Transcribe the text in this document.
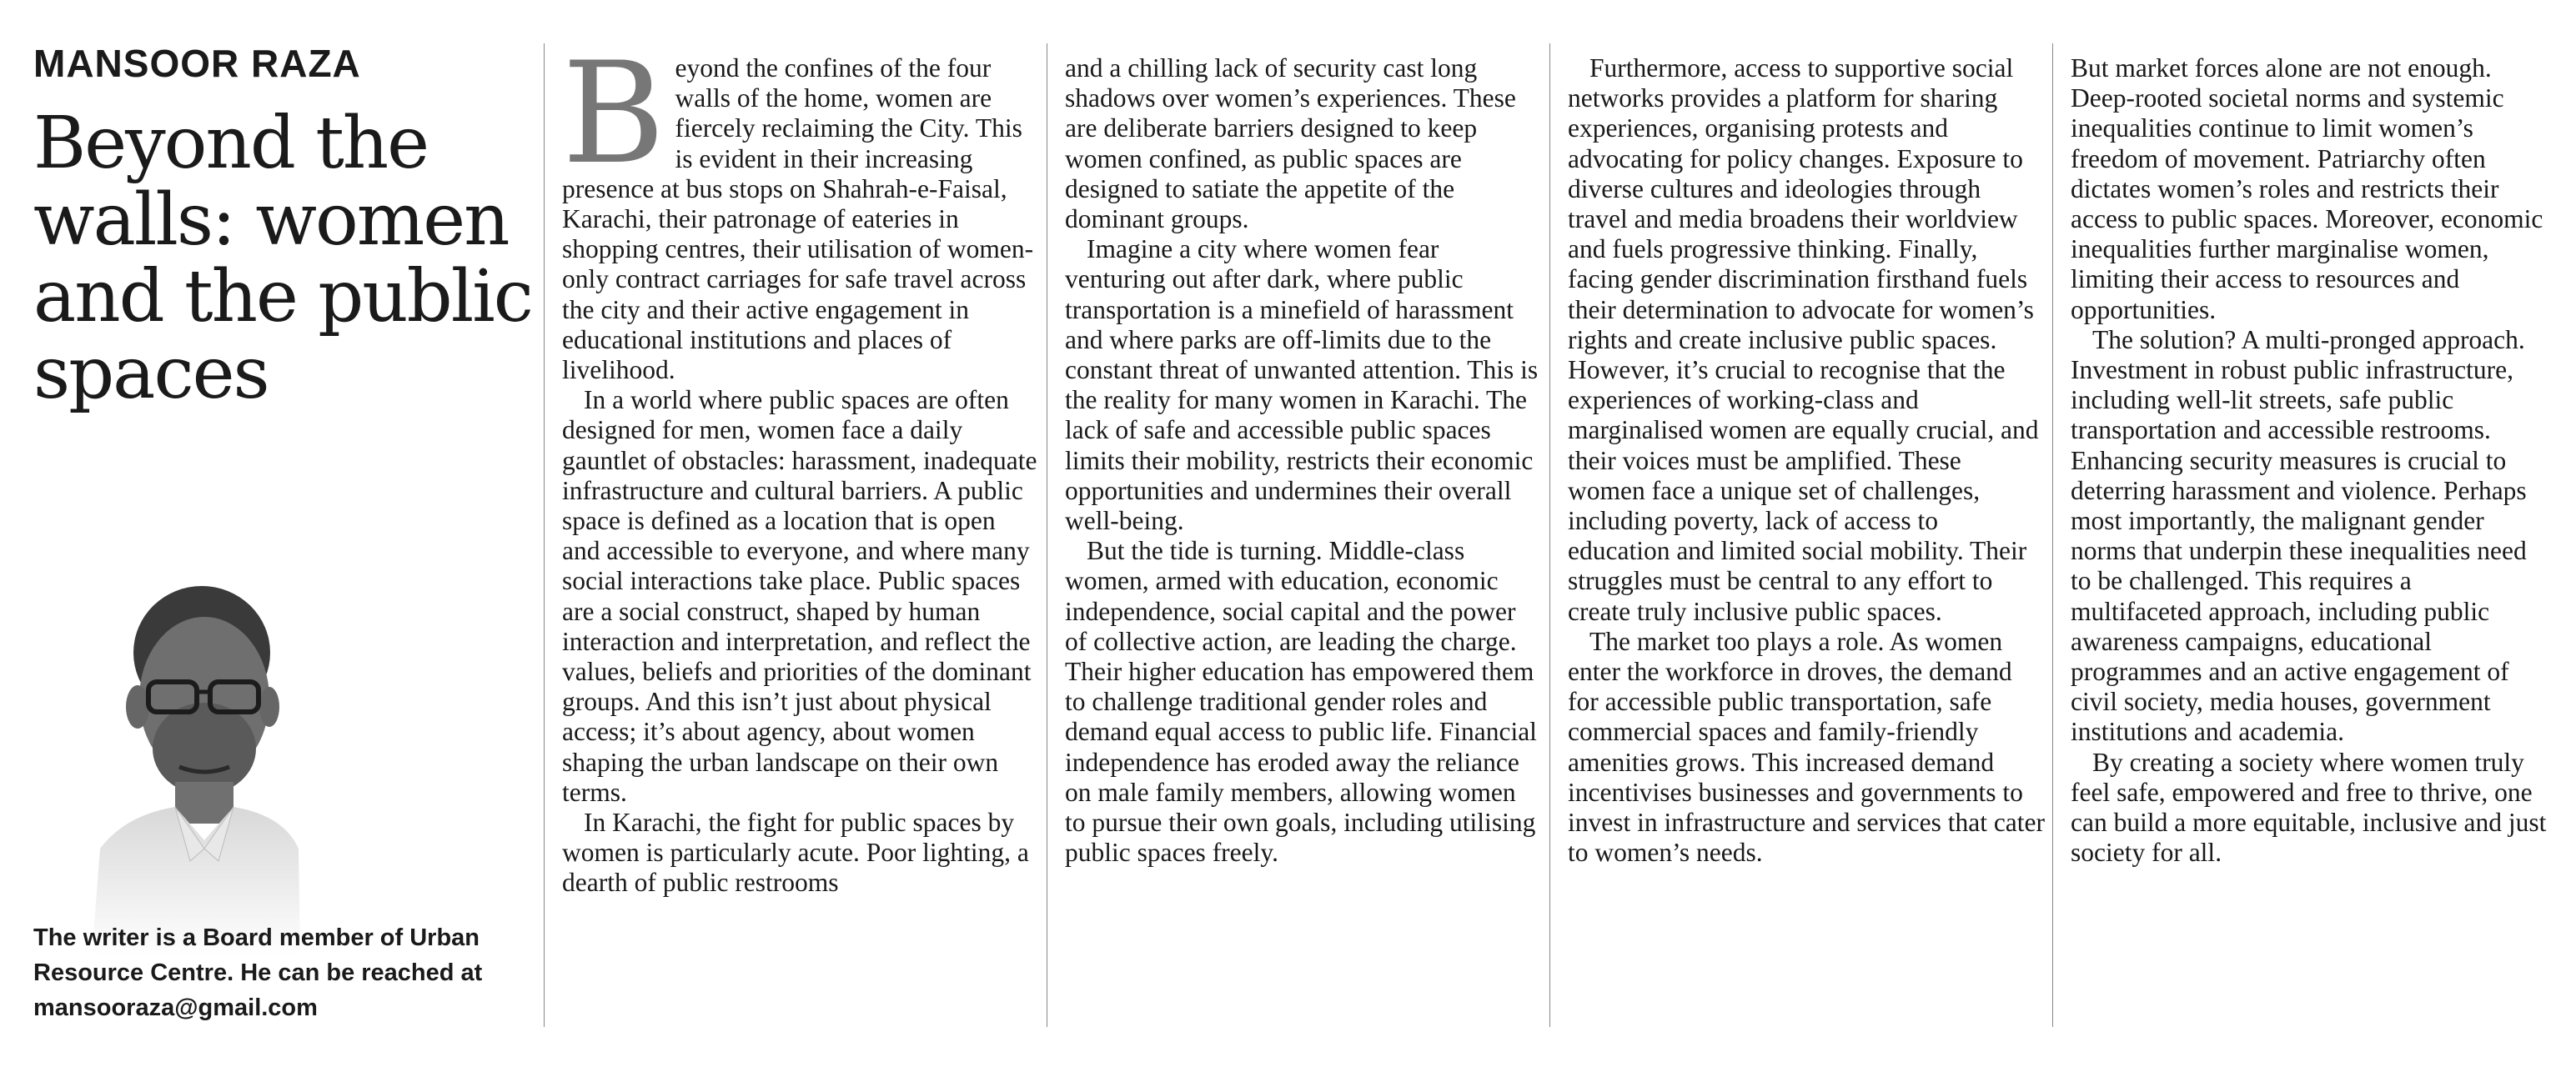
MANSOOR RAZA
Beyond the walls: women and the public spaces

The writer is a Board member of Urban Resource Centre. He can be reached at mansooraza@gmail.com

Beyond the confines of the four walls of the home, women are fiercely reclaiming the City. This is evident in their increasing presence at bus stops on Shahrah-e-Faisal, Karachi, their patronage of eateries in shopping centres, their utilisation of women-only contract carriages for safe travel across the city and their active engagement in educational institutions and places of livelihood.

In a world where public spaces are often designed for men, women face a daily gauntlet of obstacles: harassment, inadequate infrastructure and cultural barriers. A public space is defined as a location that is open and accessible to everyone, and where many social interactions take place. Public spaces are a social construct, shaped by human interaction and interpretation, and reflect the values, beliefs and priorities of the dominant groups. And this isn’t just about physical access; it’s about agency, about women shaping the urban landscape on their own terms.

In Karachi, the fight for public spaces by women is particularly acute. Poor lighting, a dearth of public restrooms

and a chilling lack of security cast long shadows over women’s experiences. These are deliberate barriers designed to keep women confined, as public spaces are designed to satiate the appetite of the dominant groups.

Imagine a city where women fear venturing out after dark, where public transportation is a minefield of harassment and where parks are off-limits due to the constant threat of unwanted attention. This is the reality for many women in Karachi. The lack of safe and accessible public spaces limits their mobility, restricts their economic opportunities and undermines their overall well-being.

But the tide is turning. Middle-class women, armed with education, economic independence, social capital and the power of collective action, are leading the charge. Their higher education has empowered them to challenge traditional gender roles and demand equal access to public life. Financial independence has eroded away the reliance on male family members, allowing women to pursue their own goals, including utilising public spaces freely.

Furthermore, access to supportive social networks provides a platform for sharing experiences, organising protests and advocating for policy changes. Exposure to diverse cultures and ideologies through travel and media broadens their worldview and fuels progressive thinking. Finally, facing gender discrimination firsthand fuels their determination to advocate for women’s rights and create inclusive public spaces. However, it’s crucial to recognise that the experiences of working-class and marginalised women are equally crucial, and their voices must be amplified. These women face a unique set of challenges, including poverty, lack of access to education and limited social mobility. Their struggles must be central to any effort to create truly inclusive public spaces.

The market too plays a role. As women enter the workforce in droves, the demand for accessible public transportation, safe commercial spaces and family-friendly amenities grows. This increased demand incentivises businesses and governments to invest in infrastructure and services that cater to women’s needs.

But market forces alone are not enough. Deep-rooted societal norms and systemic inequalities continue to limit women’s freedom of movement. Patriarchy often dictates women’s roles and restricts their access to public spaces. Moreover, economic inequalities further marginalise women, limiting their access to resources and opportunities.

The solution? A multi-pronged approach. Investment in robust public infrastructure, including well-lit streets, safe public transportation and accessible restrooms. Enhancing security measures is crucial to deterring harassment and violence. Perhaps most importantly, the malignant gender norms that underpin these inequalities need to be challenged. This requires a multifaceted approach, including public awareness campaigns, educational programmes and an active engagement of civil society, media houses, government institutions and academia.

By creating a society where women truly feel safe, empowered and free to thrive, one can build a more equitable, inclusive and just society for all.
